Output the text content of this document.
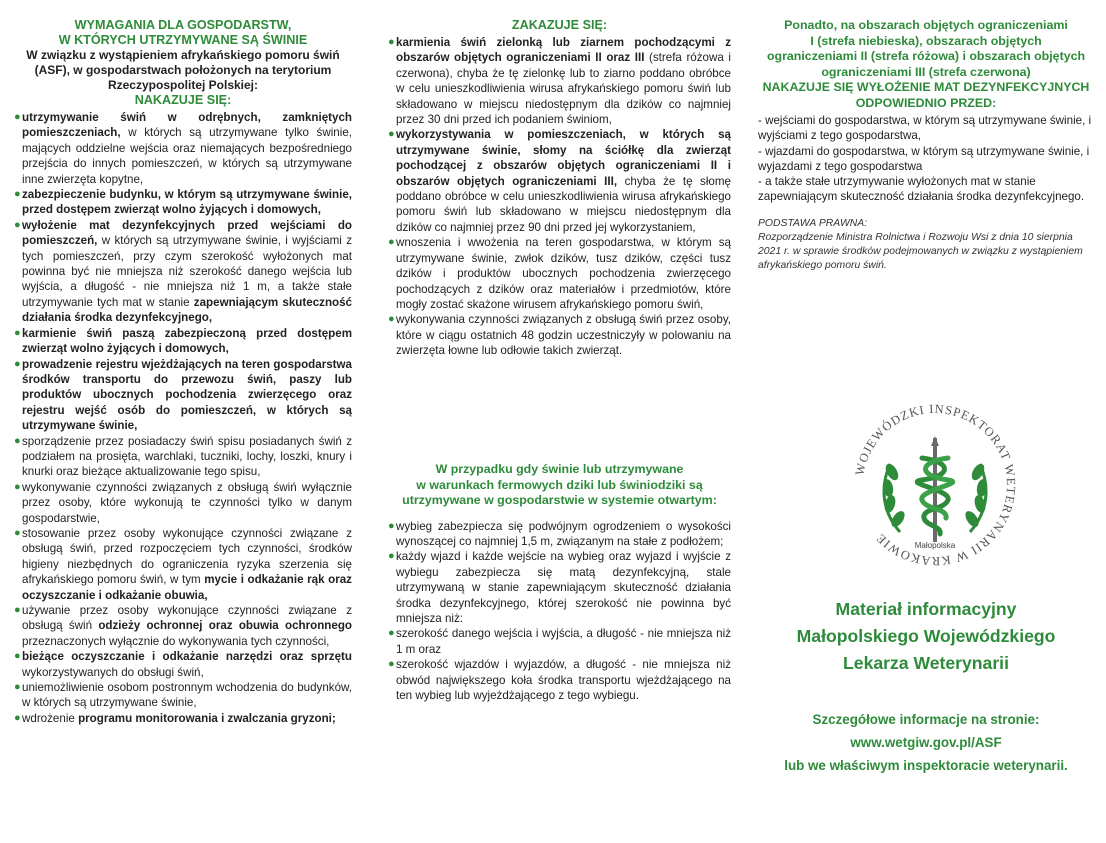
WYMAGANIA DLA GOSPODARSTW,

W KTÓRYCH UTRZYMYWANE SĄ ŚWINIE

W związku z wystąpieniem afrykańskiego pomoru świń

(ASF), w gospodarstwach położonych na terytorium

Rzeczypospolitej Polskiej:

NAKAZUJE SIĘ:

● utrzymywanie świń w odrębnych, zamkniętych pomieszczeniach, w których są utrzymywane tylko świnie, mających oddzielne wejścia oraz niemających bezpośredniego przejścia do innych pomieszczeń, w których są utrzymywane inne zwierzęta kopytne,
● zabezpieczenie budynku, w którym są utrzymywane świnie, przed dostępem zwierząt wolno żyjących i domowych,
● wyłożenie mat dezynfekcyjnych przed wejściami do pomieszczeń, w których są utrzymywane świnie, i wyjściami z tych pomieszczeń, przy czym szerokość wyłożonych mat powinna być nie mniejsza niż szerokość danego wejścia lub wyjścia, a długość - nie mniejsza niż 1 m, a także stałe utrzymywanie tych mat w stanie zapewniającym skuteczność działania środka dezynfekcyjnego,
● karmienie świń paszą zabezpieczoną przed dostępem zwierząt wolno żyjących i domowych,
● prowadzenie rejestru wjeżdżających na teren gospodarstwa środków transportu do przewozu świń, paszy lub produktów ubocznych pochodzenia zwierzęcego oraz rejestru wejść osób do pomieszczeń, w których są utrzymywane świnie,
● sporządzenie przez posiadaczy świń spisu posiadanych świń z podziałem na prosięta, warchlaki, tuczniki, lochy, loszki, knury i knurki oraz bieżące aktualizowanie tego spisu,
● wykonywanie czynności związanych z obsługą świń wyłącznie przez osoby, które wykonują te czynności tylko w danym gospodarstwie,
● stosowanie przez osoby wykonujące czynności związane z obsługą świń, przed rozpoczęciem tych czynności, środków higieny niezbędnych do ograniczenia ryzyka szerzenia się afrykańskiego pomoru świń, w tym mycie i odkażanie rąk oraz oczyszczanie i odkażanie obuwia,
● używanie przez osoby wykonujące czynności związane z obsługą świń odzieży ochronnej oraz obuwia ochronnego przeznaczonych wyłącznie do wykonywania tych czynności,
● bieżące oczyszczanie i odkażanie narzędzi oraz sprzętu wykorzystywanych do obsługi świń,
● uniemożliwienie osobom postronnym wchodzenia do budynków, w których są utrzymywane świnie,
● wdrożenie programu monitorowania i zwalczania gryzoni;

ZAKAZUJE SIĘ:

● karmienia świń zielonką lub ziarnem pochodzącymi z obszarów objętych ograniczeniami II oraz III (strefa różowa i czerwona), chyba że tę zielonkę lub to ziarno poddano obróbce w celu unieszkodliwienia wirusa afrykańskiego pomoru świń lub składowano w miejscu niedostępnym dla dzików co najmniej przez 30 dni przed ich podaniem świniom,
● wykorzystywania w pomieszczeniach, w których są utrzymywane świnie, słomy na ściółkę dla zwierząt pochodzącej z obszarów objętych ograniczeniami II i obszarów objętych ograniczeniami III, chyba że tę słomę poddano obróbce w celu unieszkodliwienia wirusa afrykańskiego pomoru świń lub składowano w miejscu niedostępnym dla dzików co najmniej przez 90 dni przed jej wykorzystaniem,
● wnoszenia i wwożenia na teren gospodarstwa, w którym są utrzymywane świnie, zwłok dzików, tusz dzików, części tusz dzików i produktów ubocznych pochodzenia zwierzęcego pochodzących z dzików oraz materiałów i przedmiotów, które mogły zostać skażone wirusem afrykańskiego pomoru świń,
● wykonywania czynności związanych z obsługą świń przez osoby, które w ciągu ostatnich 48 godzin uczestniczyły w polowaniu na zwierzęta łowne lub odłowie takich zwierząt.

W przypadku gdy świnie lub utrzymywane

w warunkach fermowych dziki lub świniodziki są

utrzymywane w gospodarstwie w systemie otwartym:

● wybieg zabezpiecza się podwójnym ogrodzeniem o wysokości wynoszącej co najmniej 1,5 m, związanym na stałe z podłożem;
● każdy wjazd i każde wejście na wybieg oraz wyjazd i wyjście z wybiegu zabezpiecza się matą dezynfekcyjną, stale utrzymywaną w stanie zapewniającym skuteczność działania środka dezynfekcyjnego, której szerokość nie powinna być mniejsza niż:
● szerokość danego wejścia i wyjścia, a długość - nie mniejsza niż 1 m oraz
● szerokość wjazdów i wyjazdów, a długość - nie mniejsza niż obwód największego koła środka transportu wjeżdżającego na ten wybieg lub wyjeżdżającego z tego wybiegu.

Ponadto, na obszarach objętych ograniczeniami

I (strefa niebieska), obszarach objętych

ograniczeniami II (strefa różowa) i obszarach objętych

ograniczeniami III (strefa czerwona)

NAKAZUJE SIĘ WYŁOŻENIE MAT DEZYNFEKCYJNYCH

ODPOWIEDNIO PRZED:

- wejściami do gospodarstwa, w którym są utrzymywane świnie, i wyjściami z tego gospodarstwa,
- wjazdami do gospodarstwa, w którym są utrzymywane świnie, i wyjazdami z tego gospodarstwa
- a także stałe utrzymywanie wyłożonych mat w stanie zapewniającym skuteczność działania środka dezynfekcyjnego.
PODSTAWA PRAWNA:
Rozporządzenie Ministra Rolnictwa i Rozwoju Wsi z dnia 10 sierpnia 2021 r. w sprawie środków podejmowanych w związku z wystąpieniem afrykańskiego pomoru świń.
WOJEWÓDZKI INSPEKTORAT WETERYNARII W KRAKOWIE	Małopolska
Materiał informacyjny
Małopolskiego Wojewódzkiego
Lekarza Weterynarii
Szczegółowe informacje na stronie:
www.wetgiw.gov.pl/ASF
lub we właściwym inspektoracie weterynarii.
